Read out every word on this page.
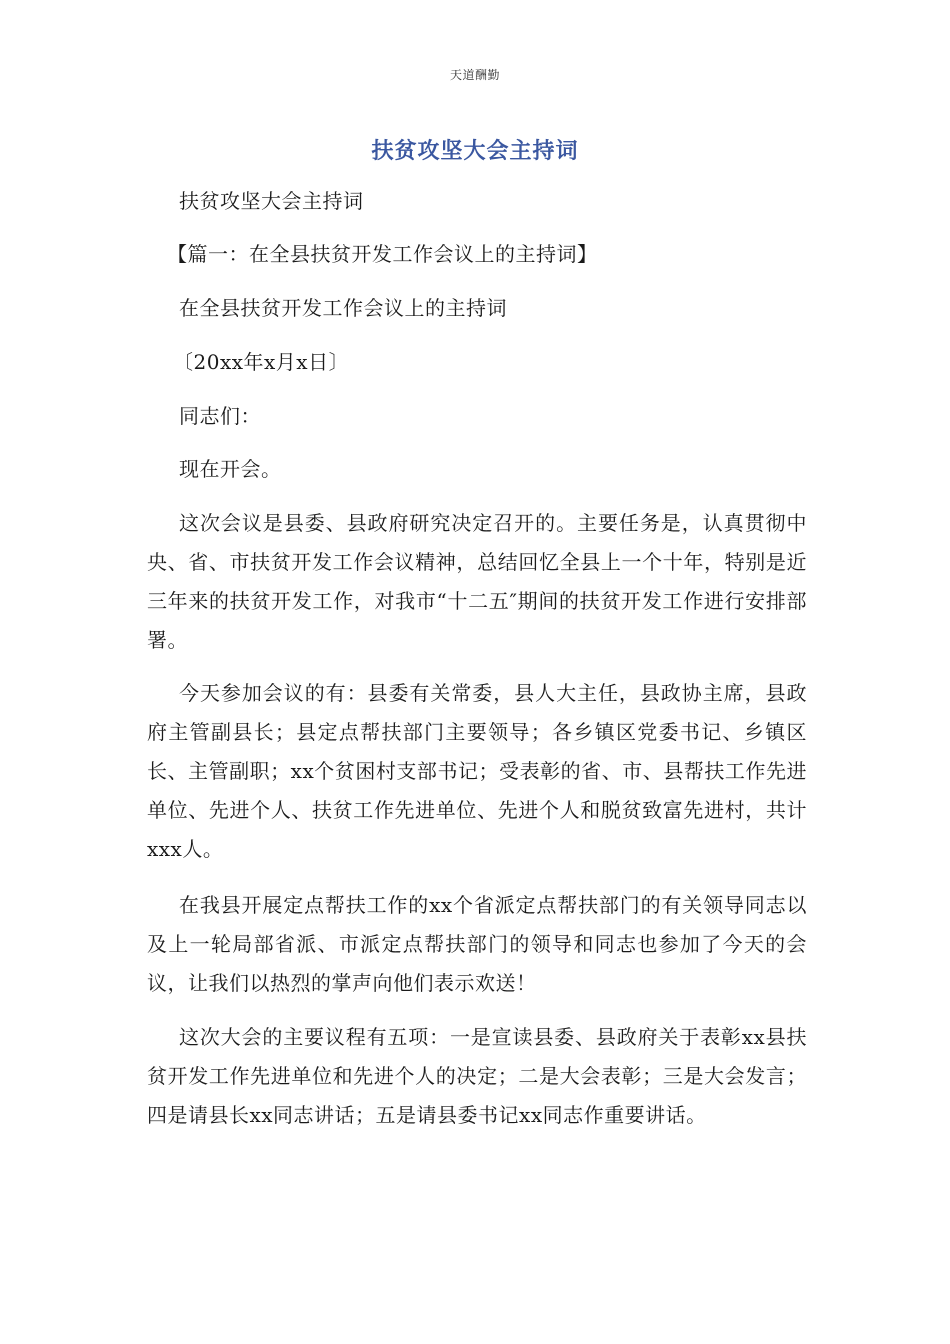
天道酬勤
扶贫攻坚大会主持词

扶贫攻坚大会主持词

【篇一：在全县扶贫开发工作会议上的主持词】

在全县扶贫开发工作会议上的主持词

〔20xx年x月x日〕

同志们：

现在开会。

这次会议是县委、县政府研究决定召开的。主要任务是，认真贯彻中央、省、市扶贫开发工作会议精神，总结回忆全县上一个十年，特别是近三年来的扶贫开发工作，对我市“十二五″期间的扶贫开发工作进行安排部署。

今天参加会议的有：县委有关常委，县人大主任，县政协主席，县政府主管副县长；县定点帮扶部门主要领导；各乡镇区党委书记、乡镇区长、主管副职；xx个贫困村支部书记；受表彰的省、市、县帮扶工作先进单位、先进个人、扶贫工作先进单位、先进个人和脱贫致富先进村，共计xxx人。

在我县开展定点帮扶工作的xx个省派定点帮扶部门的有关领导同志以及上一轮局部省派、市派定点帮扶部门的领导和同志也参加了今天的会议，让我们以热烈的掌声向他们表示欢送！

这次大会的主要议程有五项：一是宣读县委、县政府关于表彰xx县扶贫开发工作先进单位和先进个人的决定；二是大会表彰；三是大会发言；四是请县长xx同志讲话；五是请县委书记xx同志作重要讲话。
